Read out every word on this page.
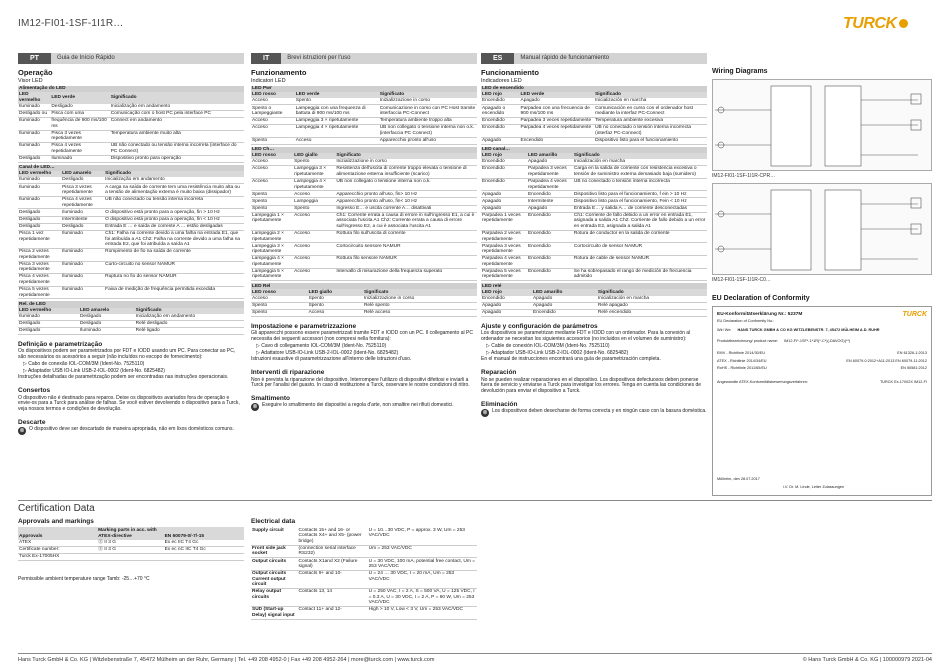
IM12-FI01-1SF-1I1R…	TURCK
PT	Guia de Início Rápido
Operação
Visor LED
Alimentação do LED		
LED vermelho	LED verde	Significado
Iluminado	Desligado	Inicialização em andamento
Desligado ou	Pisca com uma	Comunicação com o host PC pela interface PC
Iluminado	frequência de 900 ms/100 ms	Connect em andamento
Iluminado	Pisca 3 vezes repetidamente	Temperatura ambiente muito alta
Iluminado	Pisca 4 vezes repetidamente	UB não conectado ou tensão interna incorreta (interface do PC Connect)
Desligado	Iluminado	Dispositivo pronto para operação
Canal de LED…		
LED vermelho	LED amarelo	Significado
Iluminado	Desligado	Inicialização em andamento
Iluminado	Pisca 3 vezes repetidamente	A carga na saída de corrente tem uma resistência muito alta ou a tensão de alimentação externa é muito baixa (dissipador)
Iluminado	Pisca 4 vezes repetidamente	UB não conectado ou tensão interna incorreta
Desligado	Iluminado	O dispositivo está pronto para a operação, fin > 10 Hz
Desligado	Intermitente	O dispositivo está pronto para a operação, fin < 10 Hz
Desligado	Desligado	Entrada E … e saída de corrente A … estão desligadas
Pisca 1 vez repetidamente	Iluminado	Ch1: Falha na corrente devido a uma falha na entrada E1, que foi atribuída a A1 Ch2: Falha na corrente devido a uma falha na entrada E2, que foi atribuída a saída A1
Pisca 2 vezes repetidamente	Iluminado	Rompimento de fio na saída de corrente
Pisca 3 vezes repetidamente	Iluminado	Curto-circuito no sensor NAMUR
Pisca 4 vezes repetidamente	Iluminado	Ruptura no fio do sensor NAMUR
Pisca 5 vezes repetidamente	Iluminado	Faixa de medição de frequência permitida excedida
Rel. de LED		
LED vermelho	LED amarelo	Significado
Iluminado	Desligado	Inicialização em andamento
Desligado	Desligado	Relé desligado
Desligado	Iluminado	Relé ligado
Definição e parametrização

Os dispositivos podem ser parametrizados por FDT e IODD usando um PC. Para conectar ao PC, são necessários os acessórios a seguir (não incluídos no escopo de fornecimento):

▷ Cabo de conexão IOL-COM/3M (Ident-No. 7525110)

▷ Adaptador USB IO-Link USB-2-IOL-0002 (Ident-No. 6825482)

Instruções detalhadas de parametrização podem ser encontradas nas instruções operacionais.

Consertos

O dispositivo não é destinado para reparos. Deixe os dispositivos avariados fora de operação e envie-os para a Turck para análise de falhas. Se você estiver devolvendo o dispositivo para a Turck, veja nossos termos e condições de devolução.

Descarte
⊗ O dispositivo deve ser descartado de maneira apropriada, não em lixos domésticos comuns.
IT	Brevi istruzioni per l'uso
Funzionamento
Indicatori LED
LED Pwr		
LED rosso	LED verde	Significato
Acceso	Spento	Inizializzazione in corso
Spento o Lampeggiante	Lampeggia con una frequenza di battuta di 900 ms/100 ms	Comunicazione in corso con PC Host tramite interfaccia PC-Connect
Acceso	Lampeggia 3 × ripetutamente	Temperatura ambiente troppo alta
Acceso	Lampeggia 4 × ripetutamente	UB non collegato o tensione interna non o.k. (interfaccia PC Connect)
Spento	Acceso	Apparecchio pronto all'uso
LED Ch…		
LED rosso	LED giallo	Significato
Acceso	Spento	Inizializzazione in corso
Acceso	Lampeggia 3 × ripetutamente	Resistenza dell'uscita di corrente troppo elevata o tensione di alimentazione esterna insufficiente (scarico)
Acceso	Lampeggia 4 × ripetutamente	UB non collegato o tensione interna non o.k.
Spento	Acceso	Apparecchio pronto all'uso, fin> 10 Hz
Spento	Lampeggia	Apparecchio pronto all'uso, fin< 10 Hz
Spento	Spento	Ingresso E… e uscita corrente A… disattivati
Lampeggia 1 × ripetutamente	Acceso	Ch1: Corrente errata a causa di errore in sull'ingresso E1, a cui è associata l'uscita A1 Ch2: Corrente errata a causa di errore sull'ingresso E2, a cui è associata l'uscita A1
Lampeggia 2 × ripetutamente	Acceso	Rottura filo sull'uscita di corrente
Lampeggia 3 × ripetutamente	Acceso	Cortocircuito sensore NAMUR
Lampeggia 4 × ripetutamente	Acceso	Rottura filo sensore NAMUR
Lampeggia 5 × ripetutamente	Acceso	Intervallo di misurazione della frequenza superato
LED Rel		
LED rosso	LED giallo	Significato
Acceso	Spento	Inizializzazione in corso
Spento	Spento	Relè spento
Spento	Acceso	Relè acceso
Impostazione e parametrizzazione

Gli apparecchi possono essere parametrizzati tramite FDT e IODD con un PC. Il collegamento al PC necessita dei seguenti accessori (non compresi nella fornitura):

▷ Cavo di collegamento IOL-COM/3M (Ident-No. 7525110)

▷ Adattatore USB-IO-Link USB-2-IOL-0002 (Ident-No. 6825482)

Istruzioni esaustive di parametrizzazione all'interno delle istruzioni d'uso.

Interventi di riparazione

Non è prevista la riparazione del dispositivo. Interrompere l'utilizzo di dispositivi difettosi e inviarli a Turck per l'analisi del guasto. In caso di restituzione a Turck, osservare le nostre condizioni di ritiro.

Smaltimento
⊗ Eseguire lo smaltimento dei dispositivi a regola d'arte, non smaltire nei rifiuti domestici.
ES	Manual rápido de funcionamiento
Funcionamiento
Indicadores LED
LED de encendido		
LED rojo	LED verde	Significado
Encendido	Apagado	Inicialización en marcha
Apagado o encendido	Parpadea con una frecuencia de 900 ms/100 ms	Comunicación en curso con el ordenador host mediante la interfaz PC-Connect
Encendido	Parpadea 3 veces repetidamente	Temperatura ambiente excesiva
Encendido	Parpadea 4 veces repetidamente	UB no conectado o tensión interna incorrecta (interfaz PC-Connect)
Apagado	Encendido	Dispositivo listo para el funcionamiento
LED canal…		
LED rojo	LED amarillo	Significado
Encendido	Apagado	Inicialización en marcha
Encendido	Parpadea 3 veces repetidamente	Carga en la salida de corriente con resistencia excesiva o tensión de suministro externa demasiado baja (sumidero)
Encendido	Parpadea 4 veces repetidamente	UB no conectado o tensión interna incorrecta
Apagado	Encendido	Dispositivo listo para el funcionamiento, f ein > 10 Hz
Apagado	Intermitente	Dispositivo listo para el funcionamiento, Fein < 10 Hz
Apagado	Apagado	Entrada E… y salida A… de corriente desconectadas
Parpadea 1 veces repetidamente	Encendido	Ch1: Corriente de fallo debido a un error en entrada E1, asignada a salida A1 Ch2: Corriente de fallo debido a un error en entrada E2, asignada a salida A1
Parpadea 2 veces repetidamente	Encendido	Rotura de conductor en la salida de corriente
Parpadea 3 veces repetidamente	Encendido	Cortocircuito de sensor NAMUR
Parpadea 4 veces repetidamente	Encendido	Rotura de cable de sensor NAMUR
Parpadea 5 veces repetidamente	Encendido	Se ha sobrepasado el rango de medición de frecuencia admitido
LED relé		
LED rojo	LED amarillo	Significado
Encendido	Apagado	Inicialización en marcha
Apagado	Apagado	Relé apagado
Apagado	Encendido	Relé encendido
Ajuste y configuración de parámetros

Los dispositivos se parametrizan mediante FDT e IODD con un ordenador. Para la conexión al ordenador se necesitan los siguientes accesorios (no incluidos en el volumen de suministro):

▷ Cable de conexión IOL-COM/3M (Ident-No. 7525110)

▷ Adaptador USB-IO-Link USB-2-IOL-0002 (Ident-No. 6825482)

En el manual de instrucciones encontrará una guía de parametrización completa.

Reparación

No se pueden realizar reparaciones en el dispositivo. Los dispositivos defectuosos deben ponerse fuera de servicio y enviarse a Turck para investigar los errores. Tenga en cuenta las condiciones de devolución para enviar el dispositivo a Turck.

Eliminación
⊗ Los dispositivos deben desecharse de forma correcta y en ningún caso con la basura doméstica.
Wiring Diagrams
IM12-FI01-1SF-1I1R-CPR…
IM12-FI01-1SF-1I1R-C0…
EU Declaration of Conformity
EU-Konformitätserklärung Nr.: 5237M	TURCK
EU Declaration of Conformity No.:
Wir/ We: HANS TURCK GMBH & CO KG WITZLEBENSTR. 7, 45472 MÜLHEIM A.D. RUHR
Produktbezeichnung/ product name: IM12-FI*-1SF*-1*1R(*-C*)(-DAVOG)(**)
EMV - Richtlinie 2014/30/EU	EN 61326-1:2013
ATEX - Richtlinie 2014/34/EU	EN 60079-0:2012+A11:2013 EN 60079-11:2012
RoHS - Richtlinie 2011/65/EU	EN 50581:2012
Angewandte ATEX-Konformitätsbewertungsverfahren:	TURCK Ex-17002X IM12-FI
Mülheim, den 28.07.2017
i.V. Dr. M. Linde, Leiter Zulassungen
Certification Data
Approvals and markings
	Marking parts in acc. with	
Approvals	ATEX-directive	EN 60079-0/-7/-15
ATEX	Ⓔ II 3 G	Ex ec IIC T4 Gc
Certificate number:	Ⓔ II 3 G	Ex ec nC IIC T4 Gc
Turck Ex-17005HX		
Permissible ambient temperature range Tamb: -25…+70 °C
Electrical data
Supply circuit	Contacts 15+ and 16- or Contacts X4+ and X5- (power bridge)	U = 10…30 VDC, P = approx. 3 W, Um = 253 VAC/VDC
Front side jack socket	(connection serial interface RS232)	Um = 253 VAC/VDC
Output circuits	Contacts X1and X2 (Failure signal)	U = 30 VDC, 100 mA, potential free contact, Um = 253 VAC/VDC
Output circuits Current output circuit	Contacts 9+ and 10-	U = 24 … 30 VDC, I = 20 mA, Um = 253 VAC/VDC
Relay output circuits	Contacts 13, 14	U = 250 VAC, I = 2 A, S = 500 VA, U = 125 VDC, I = 0.3 A, U = 30 VDC, I = 2 A, P = 60 W, Um = 253 VAC/VDC
SUD (Start-up Delay) signal input	Contact 11+ and 12-	High > 10 V, Low < 3 V, Um = 253 VAC/VDC
Hans Turck GmbH & Co. KG | Witzlebenstraße 7, 45472 Mülheim an der Ruhr, Germany | Tel. +49 208 4952-0 | Fax +49 208 4952-264 | more@turck.com | www.turck.com	© Hans Turck GmbH & Co. KG | 100000979 2021-04
